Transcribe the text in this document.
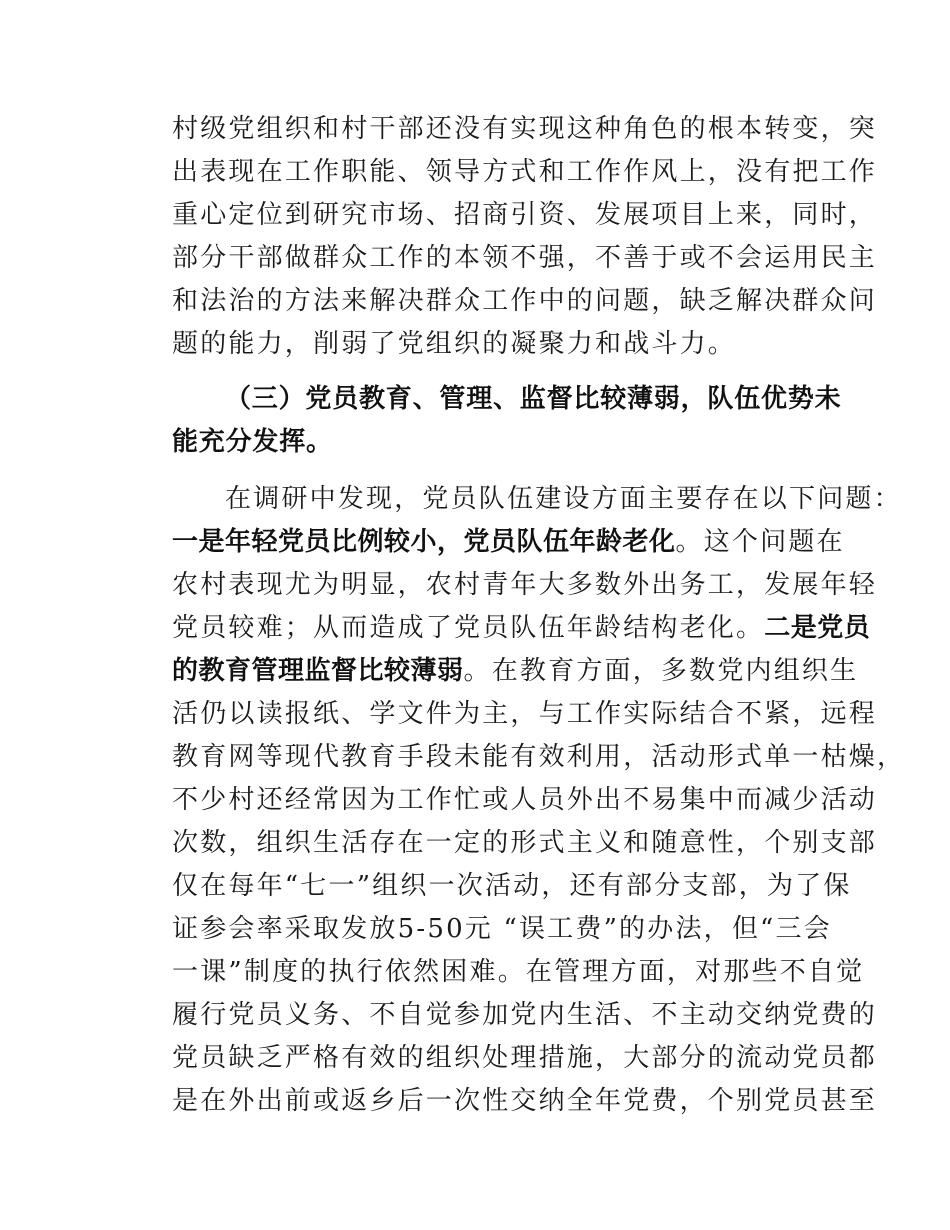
村级党组织和村干部还没有实现这种角色的根本转变，突
出表现在工作职能、领导方式和工作作风上，没有把工作
重心定位到研究市场、招商引资、发展项目上来，同时，
部分干部做群众工作的本领不强，不善于或不会运用民主
和法治的方法来解决群众工作中的问题，缺乏解决群众问
题的能力，削弱了党组织的凝聚力和战斗力。
（三）党员教育、管理、监督比较薄弱，队伍优势未
能充分发挥。
在调研中发现，党员队伍建设方面主要存在以下问题：
一是年轻党员比例较小，党员队伍年龄老化。这个问题在
农村表现尤为明显，农村青年大多数外出务工，发展年轻
党员较难；从而造成了党员队伍年龄结构老化。二是党员
的教育管理监督比较薄弱。在教育方面，多数党内组织生
活仍以读报纸、学文件为主，与工作实际结合不紧，远程
教育网等现代教育手段未能有效利用，活动形式单一枯燥，
不少村还经常因为工作忙或人员外出不易集中而减少活动
次数，组织生活存在一定的形式主义和随意性，个别支部
仅在每年“七一”组织一次活动，还有部分支部，为了保
证参会率采取发放5-50元 “误工费”的办法，但“三会
一课”制度的执行依然困难。在管理方面，对那些不自觉
履行党员义务、不自觉参加党内生活、不主动交纳党费的
党员缺乏严格有效的组织处理措施，大部分的流动党员都
是在外出前或返乡后一次性交纳全年党费，个别党员甚至
